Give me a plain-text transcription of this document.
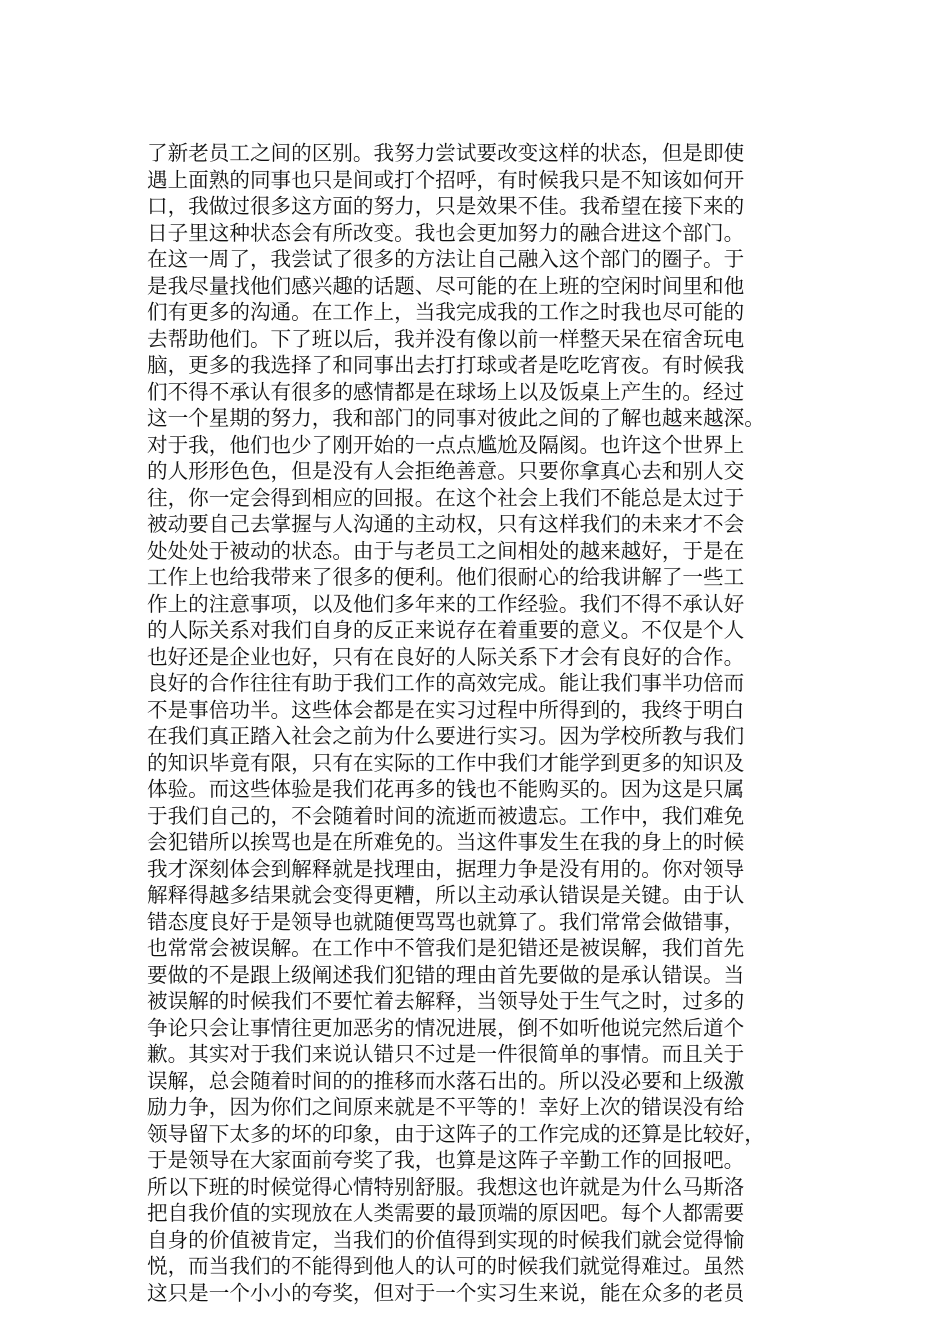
了新老员工之间的区别。我努力尝试要改变这样的状态，但是即使
遇上面熟的同事也只是间或打个招呼，有时候我只是不知该如何开
口，我做过很多这方面的努力，只是效果不佳。我希望在接下来的
日子里这种状态会有所改变。我也会更加努力的融合进这个部门。
在这一周了，我尝试了很多的方法让自己融入这个部门的圈子。于
是我尽量找他们感兴趣的话题、尽可能的在上班的空闲时间里和他
们有更多的沟通。在工作上，当我完成我的工作之时我也尽可能的
去帮助他们。下了班以后，我并没有像以前一样整天呆在宿舍玩电
脑，更多的我选择了和同事出去打打球或者是吃吃宵夜。有时候我
们不得不承认有很多的感情都是在球场上以及饭桌上产生的。经过
这一个星期的努力，我和部门的同事对彼此之间的了解也越来越深。
对于我，他们也少了刚开始的一点点尴尬及隔阂。也许这个世界上
的人形形色色，但是没有人会拒绝善意。只要你拿真心去和别人交
往，你一定会得到相应的回报。在这个社会上我们不能总是太过于
被动要自己去掌握与人沟通的主动权，只有这样我们的未来才不会
处处处于被动的状态。由于与老员工之间相处的越来越好，于是在
工作上也给我带来了很多的便利。他们很耐心的给我讲解了一些工
作上的注意事项，以及他们多年来的工作经验。我们不得不承认好
的人际关系对我们自身的反正来说存在着重要的意义。不仅是个人
也好还是企业也好，只有在良好的人际关系下才会有良好的合作。
良好的合作往往有助于我们工作的高效完成。能让我们事半功倍而
不是事倍功半。这些体会都是在实习过程中所得到的，我终于明白
在我们真正踏入社会之前为什么要进行实习。因为学校所教与我们
的知识毕竟有限，只有在实际的工作中我们才能学到更多的知识及
体验。而这些体验是我们花再多的钱也不能购买的。因为这是只属
于我们自己的，不会随着时间的流逝而被遗忘。工作中，我们难免
会犯错所以挨骂也是在所难免的。当这件事发生在我的身上的时候
我才深刻体会到解释就是找理由，据理力争是没有用的。你对领导
解释得越多结果就会变得更糟，所以主动承认错误是关键。由于认
错态度良好于是领导也就随便骂骂也就算了。我们常常会做错事，
也常常会被误解。在工作中不管我们是犯错还是被误解，我们首先
要做的不是跟上级阐述我们犯错的理由首先要做的是承认错误。当
被误解的时候我们不要忙着去解释，当领导处于生气之时，过多的
争论只会让事情往更加恶劣的情况进展，倒不如听他说完然后道个
歉。其实对于我们来说认错只不过是一件很简单的事情。而且关于
误解，总会随着时间的的推移而水落石出的。所以没必要和上级激
励力争，因为你们之间原来就是不平等的！幸好上次的错误没有给
领导留下太多的坏的印象，由于这阵子的工作完成的还算是比较好，
于是领导在大家面前夸奖了我，也算是这阵子辛勤工作的回报吧。
所以下班的时候觉得心情特别舒服。我想这也许就是为什么马斯洛
把自我价值的实现放在人类需要的最顶端的原因吧。每个人都需要
自身的价值被肯定，当我们的价值得到实现的时候我们就会觉得愉
悦，而当我们的不能得到他人的认可的时候我们就觉得难过。虽然
这只是一个小小的夸奖，但对于一个实习生来说，能在众多的老员
